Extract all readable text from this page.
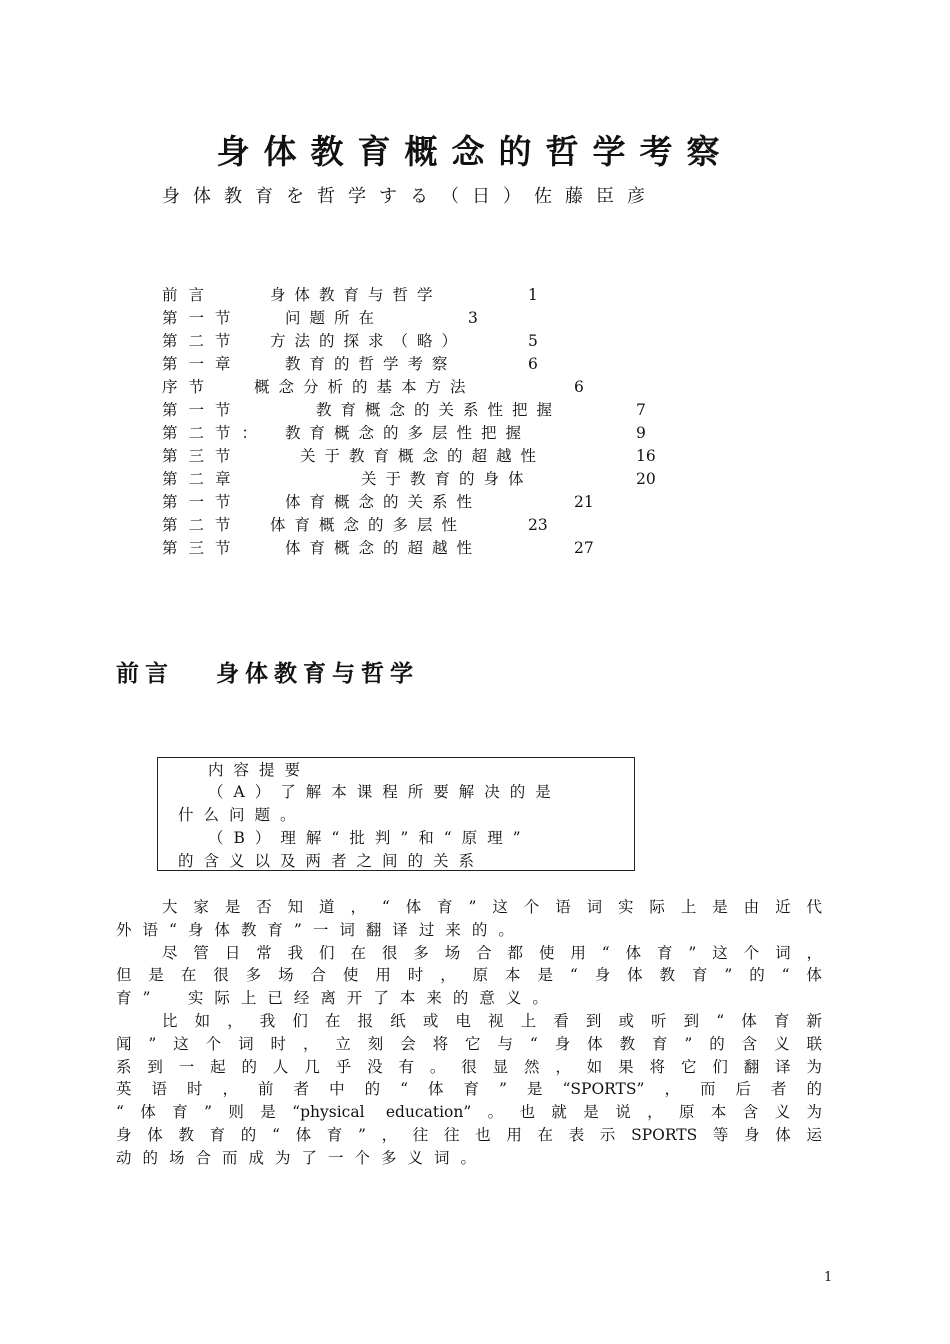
身体教育概念的哲学考察

身体教育を哲学する（日）佐藤臣彦

前言	身体教育与哲学	1
第一节	问题所在	3
第二节 方法的探求（略）	5
第一章	教育的哲学考察	6
序节	概念分析的基本方法	6
第一节	教育概念的关系性把握	7
第二节： 教育概念的多层性把握	9
第三节	关于教育概念的超越性	16
第二章	关于教育的身体	20
第一节	体育概念的关系性	21
第二节 体育概念的多层性	23
第三节	体育概念的超越性	27
前言 身体教育与哲学
内容提要
（A）了解本课程所要解决的是
什么问题。
（B）理解“批判”和“原理”
的含义以及两者之间的关系
大家是否知道，“体育”这个语词实际上是由近代
外语“身体教育”一词翻译过来的。
尽管日常我们在很多场合都使用“体育”这个词，
但是在很多场合使用时，原本是“身体教育”的“体
育”　实际上已经离开了本来的意义。
比如，我们在报纸或电视上看到或听到“体育新
闻”这个词时，立刻会将它与“身体教育”的含义联
系到一起的人几乎没有。很显然，如果将它们翻译为
英语时，前者中的“体育”是“SPORTS”，而后者的
“体育”则是“physical education”。也就是说，原本含义为
身体教育的“体育”，往往也用在表示SPORTS等身体运
动的场合而成为了一个多义词。
1
